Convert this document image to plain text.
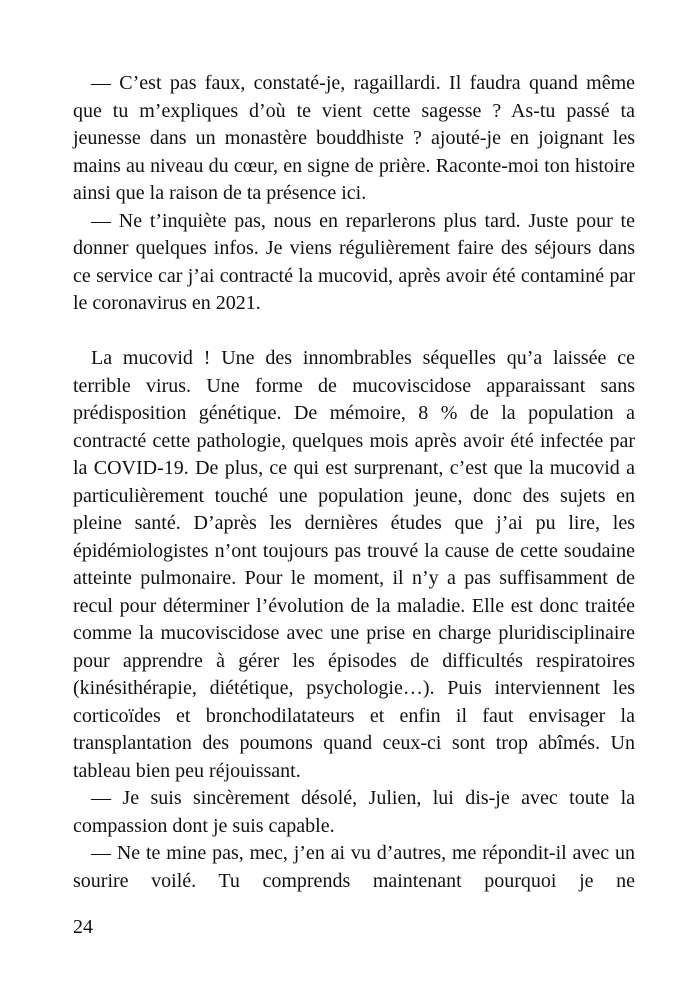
— C’est pas faux, constaté-je, ragaillardi. Il faudra quand même que tu m’expliques d’où te vient cette sagesse ? As-tu passé ta jeunesse dans un monastère bouddhiste ? ajouté-je en joignant les mains au niveau du cœur, en signe de prière. Raconte-moi ton histoire ainsi que la raison de ta présence ici.

— Ne t’inquiète pas, nous en reparlerons plus tard. Juste pour te donner quelques infos. Je viens régulièrement faire des séjours dans ce service car j’ai contracté la mucovid, après avoir été contaminé par le coronavirus en 2021.

La mucovid ! Une des innombrables séquelles qu’a laissée ce terrible virus. Une forme de mucoviscidose apparaissant sans prédisposition génétique. De mémoire, 8 % de la population a contracté cette pathologie, quelques mois après avoir été infectée par la COVID-19. De plus, ce qui est surprenant, c’est que la mucovid a particulièrement touché une population jeune, donc des sujets en pleine santé. D’après les dernières études que j’ai pu lire, les épidémiologistes n’ont toujours pas trouvé la cause de cette soudaine atteinte pulmonaire. Pour le moment, il n’y a pas suffisamment de recul pour déterminer l’évolution de la maladie. Elle est donc traitée comme la mucoviscidose avec une prise en charge pluridisciplinaire pour apprendre à gérer les épisodes de difficultés respiratoires (kinésithérapie, diététique, psychologie…). Puis interviennent les corticoïdes et bronchodilatateurs et enfin il faut envisager la transplantation des poumons quand ceux-ci sont trop abîmés. Un tableau bien peu réjouissant.

— Je suis sincèrement désolé, Julien, lui dis-je avec toute la compassion dont je suis capable.

— Ne te mine pas, mec, j’en ai vu d’autres, me répondit-il avec un sourire voilé. Tu comprends maintenant pourquoi je ne

24
